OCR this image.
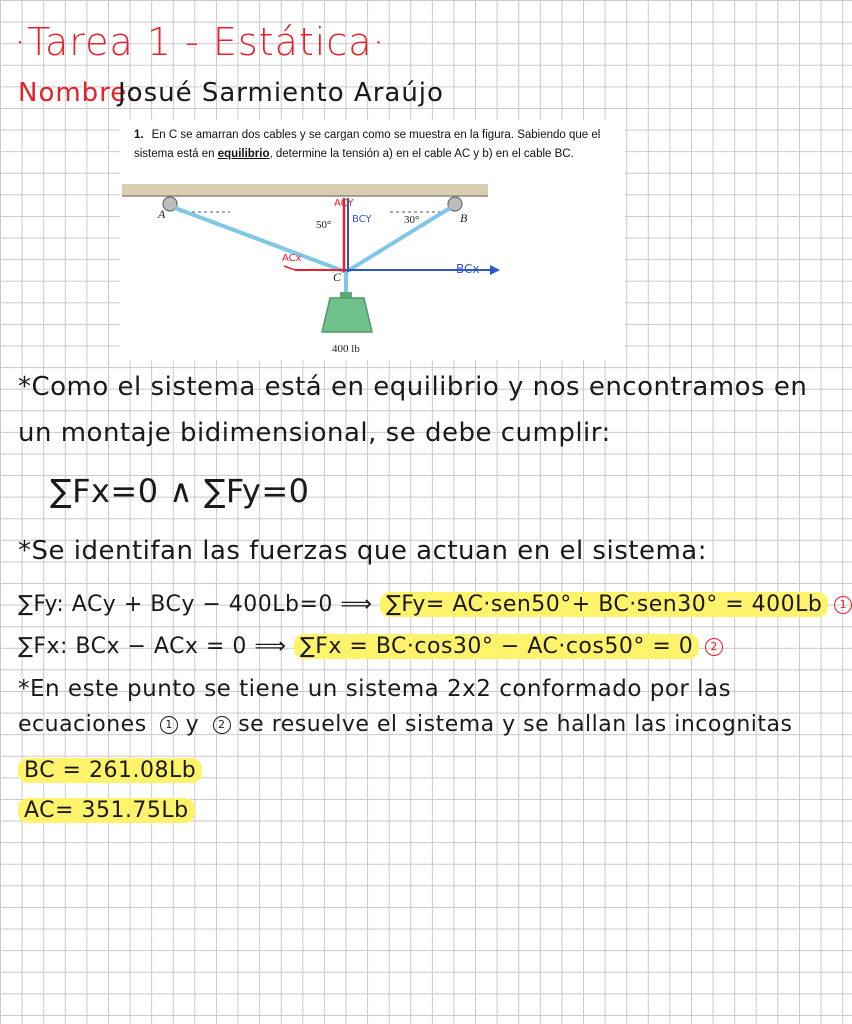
·Tarea 1 - Estática·
Nombre:
Josué Sarmiento Araújo
1. En C se amarran dos cables y se cargan como se muestra en la figura. Sabiendo que el sistema está en equilibrio, determine la tensión a) en el cable AC y b) en el cable BC.
A	B
C
50°	30°
400 lb
ACY
BCY
ACx
BCx
*Como el sistema está en equilibrio y nos encontramos en
un montaje bidimensional, se debe cumplir:
∑Fx=0 ∧ ∑Fy=0
*Se identifan las fuerzas que actuan en el sistema:
∑Fy: ACy + BCy − 400Lb=0 ⟹ ∑Fy= AC·sen50°+ BC·sen30° = 400Lb 1
∑Fx: BCx − ACx = 0 ⟹ ∑Fx = BC·cos30° − AC·cos50° = 0 2
*En este punto se tiene un sistema 2x2 conformado por las
ecuaciones 1 y 2 se resuelve el sistema y se hallan las incognitas
BC = 261.08Lb
AC= 351.75Lb
